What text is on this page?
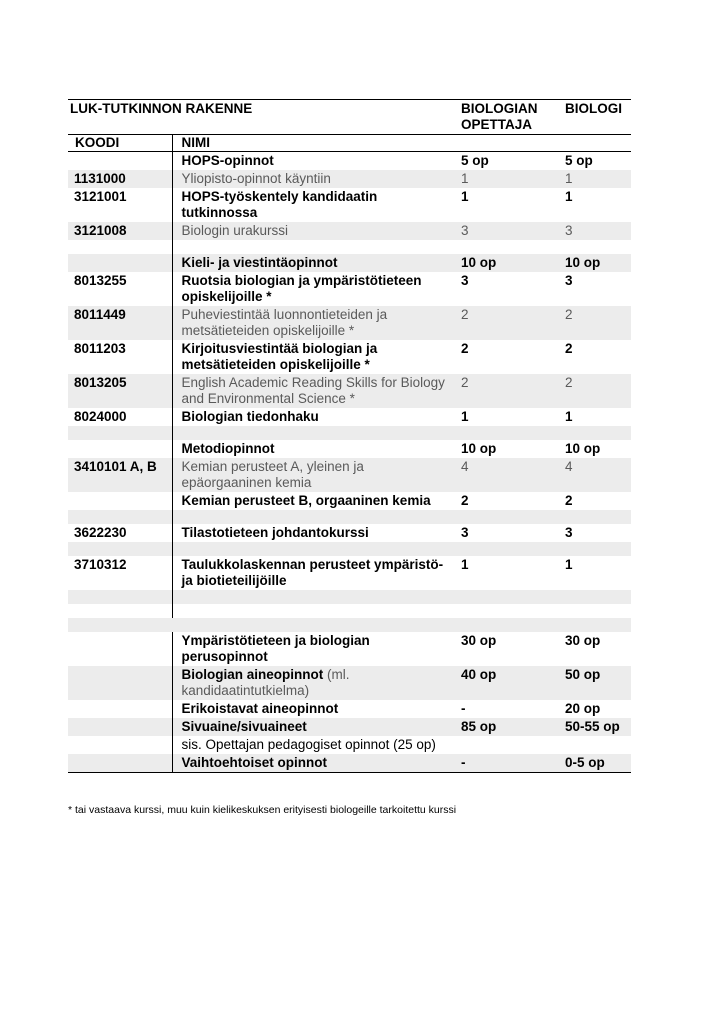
LUK-TUTKINNON RAKENNE		BIOLOGIAN OPETTAJA	BIOLOGI
KOODI	NIMI		
	HOPS-opinnot	5 op	5 op
1131000	Yliopisto-opinnot käyntiin	1	1
3121001	HOPS-työskentely kandidaatin tutkinnossa	1	1
3121008	Biologin urakurssi	3	3

	Kieli- ja viestintäopinnot	10 op	10 op
8013255	Ruotsia biologian ja ympäristötieteen opiskelijoille *	3	3
8011449	Puheviestintää luonnontieteiden ja metsätieteiden opiskelijoille *	2	2
8011203	Kirjoitusviestintää biologian ja metsätieteiden opiskelijoille *	2	2
8013205	English Academic Reading Skills for Biology and Environmental Science *	2	2
8024000	Biologian tiedonhaku	1	1

	Metodiopinnot	10 op	10 op
3410101 A, B	Kemian perusteet A, yleinen ja epäorgaaninen kemia	4	4
	Kemian perusteet B, orgaaninen kemia	2	2

3622230	Tilastotieteen johdantokurssi	3	3

3710312	Taulukkolaskennan perusteet ympäristö- ja biotieteilijöille	1	1

	Ympäristötieteen ja biologian perusopinnot	30 op	30 op
	Biologian aineopinnot (ml. kandidaatintutkielma)	40 op	50 op
	Erikoistavat aineopinnot	-	20 op
	Sivuaine/sivuaineet	85 op	50-55 op
	sis. Opettajan pedagogiset opinnot (25 op)		
	Vaihtoehtoiset opinnot	-	0-5 op
* tai vastaava kurssi, muu kuin kielikeskuksen erityisesti biologeille tarkoitettu kurssi
